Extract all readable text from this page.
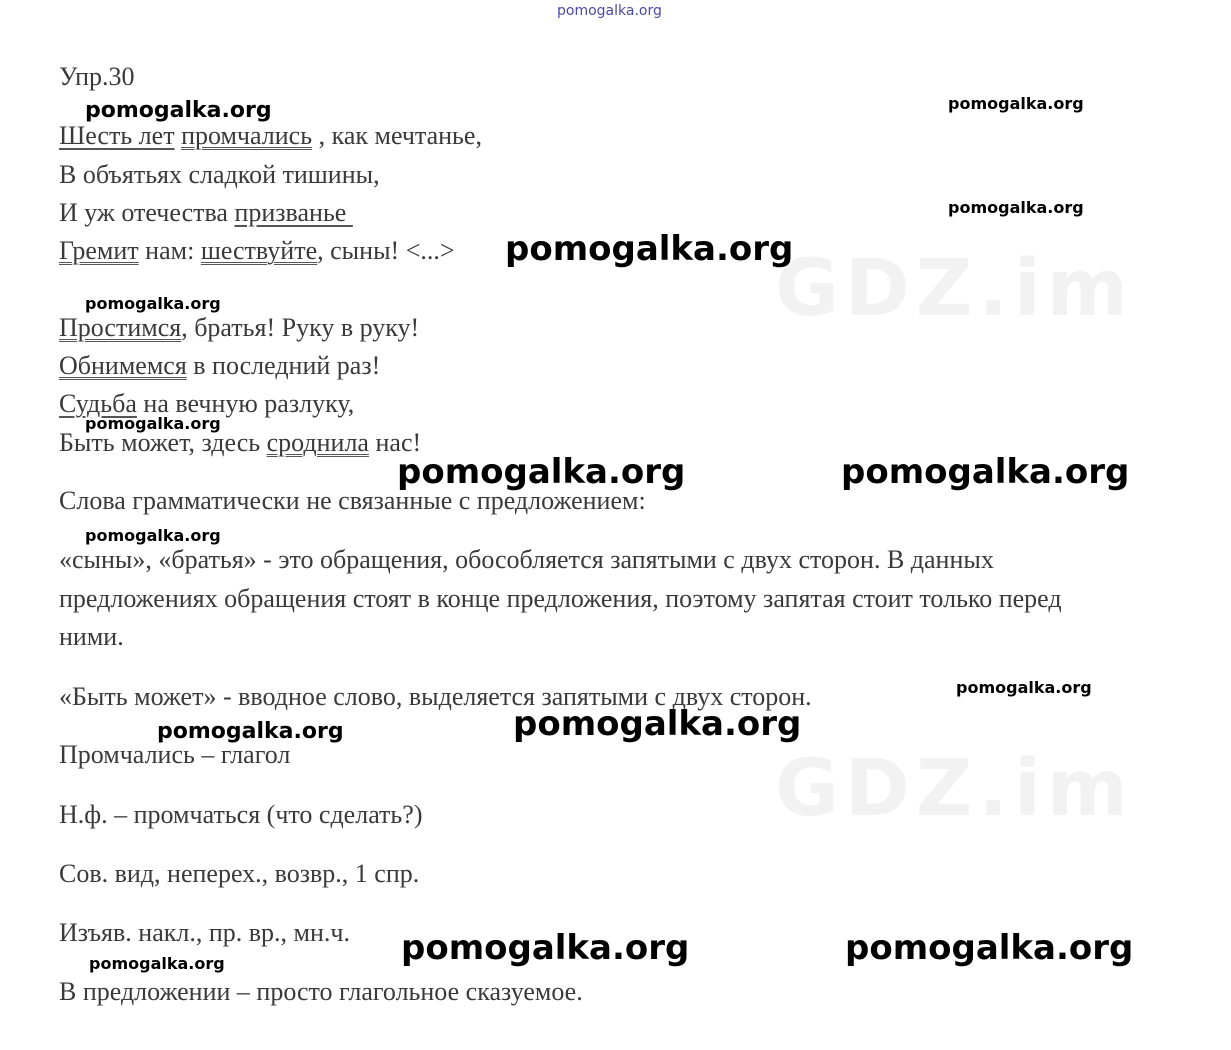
GDZ.im
GDZ.im
pomogalka.org
Упр.30
Шесть лет промчались , как мечтанье,
В объятьях сладкой тишины,
И уж отечества призванье
Гремит нам: шествуйте, сыны! <...>
Простимся, братья! Руку в руку!
Обнимемся в последний раз!
Судьба на вечную разлуку,
Быть может, здесь сроднила нас!
Слова грамматически не связанные с предложением:
«сыны», «братья» - это обращения, обособляется запятыми с двух сторон. В данных предложениях обращения стоят в конце предложения, поэтому запятая стоит только перед ними.
«Быть может» - вводное слово, выделяется запятыми с двух сторон.
Промчались – глагол
Н.ф. – промчаться (что сделать?)
Сов. вид, неперех., возвр., 1 спр.
Изъяв. накл., пр. вр., мн.ч.
В предложении – просто глагольное сказуемое.
pomogalka.org	pomogalka.org
pomogalka.org
pomogalka.org
pomogalka.org
pomogalka.org
pomogalka.org	pomogalka.org
pomogalka.org
pomogalka.org
pomogalka.org
pomogalka.org
pomogalka.org	pomogalka.org
pomogalka.org
